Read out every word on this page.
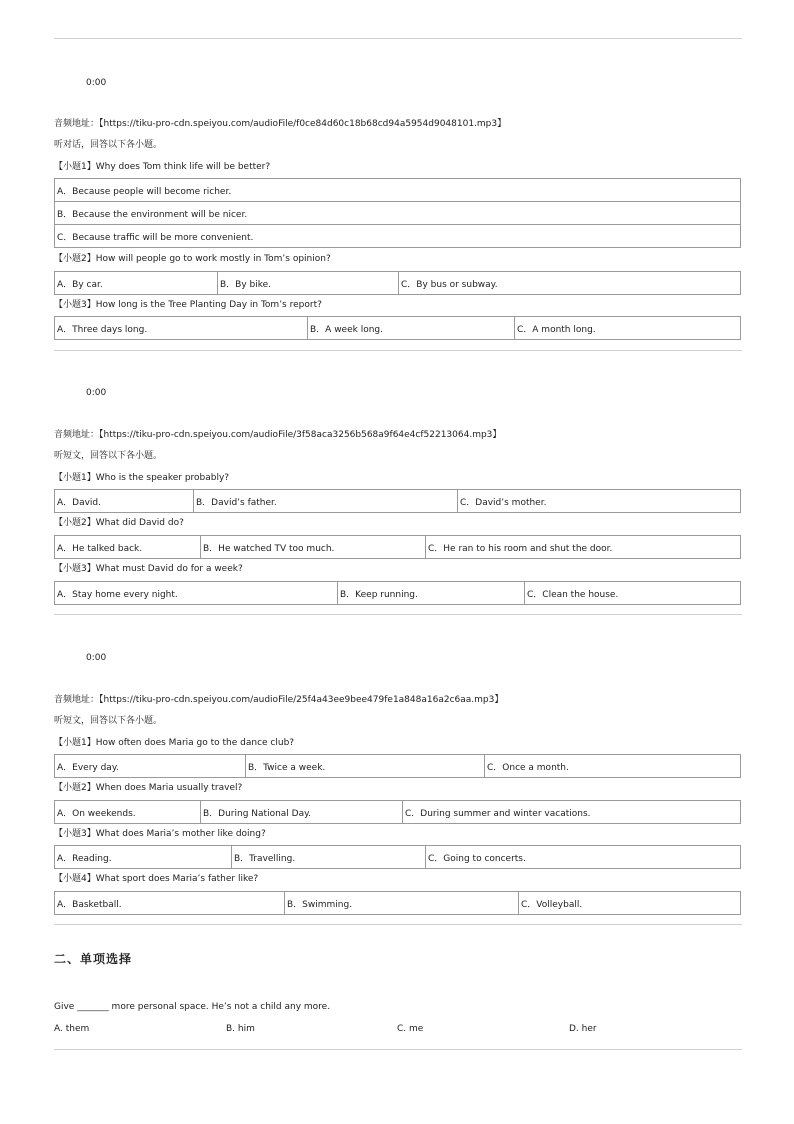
0:00
音频地址：【https://tiku-pro-cdn.speiyou.com/audioFile/f0ce84d60c18b68cd94a5954d9048101.mp3】
听对话，回答以下各小题。
【小题1】Why does Tom think life will be better?
A．Because people will become richer.
B．Because the environment will be nicer.
C．Because traffic will be more convenient.
【小题2】How will people go to work mostly in Tom’s opinion?
A．By car.	B．By bike.	C．By bus or subway.
【小题3】How long is the Tree Planting Day in Tom’s report?
A．Three days long.	B．A week long.	C．A month long.
0:00
音频地址：【https://tiku-pro-cdn.speiyou.com/audioFile/3f58aca3256b568a9f64e4cf52213064.mp3】
听短文，回答以下各小题。
【小题1】Who is the speaker probably?
A．David.	B．David’s father.	C．David’s mother.
【小题2】What did David do?
A．He talked back.	B．He watched TV too much.	C．He ran to his room and shut the door.
【小题3】What must David do for a week?
A．Stay home every night.	B．Keep running.	C．Clean the house.
0:00
音频地址：【https://tiku-pro-cdn.speiyou.com/audioFile/25f4a43ee9bee479fe1a848a16a2c6aa.mp3】
听短文，回答以下各小题。
【小题1】How often does Maria go to the dance club?
A．Every day.	B．Twice a week.	C．Once a month.
【小题2】When does Maria usually travel?
A．On weekends.	B．During National Day.	C．During summer and winter vacations.
【小题3】What does Maria’s mother like doing?
A．Reading.	B．Travelling.	C．Going to concerts.
【小题4】What sport does Maria’s father like?
A．Basketball.	B．Swimming.	C．Volleyball.
二、单项选择
Give _______ more personal space. He’s not a child any more.
A. them	B. him	C. me	D. her
